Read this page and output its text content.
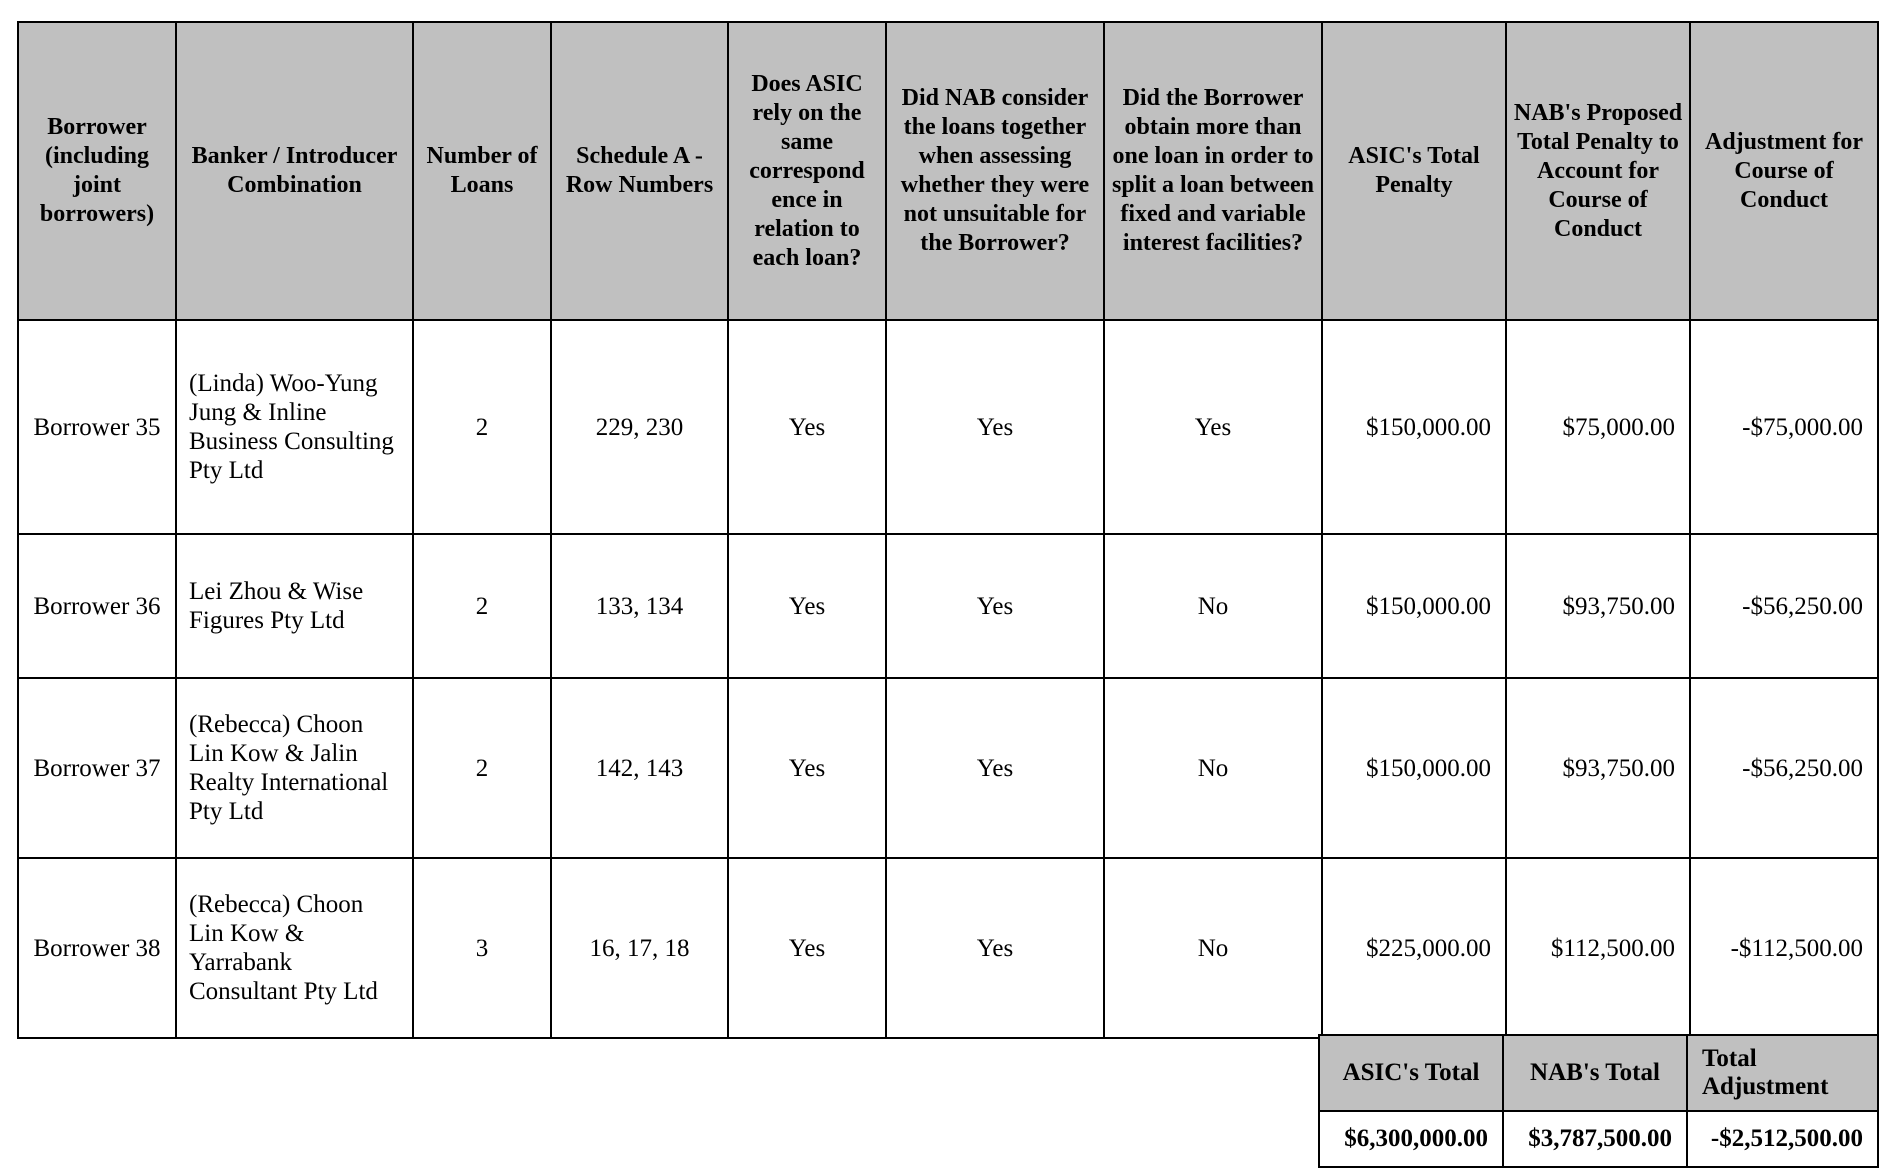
Borrower (including joint borrowers)	Banker / Introducer Combination	Number of Loans	Schedule A - Row Numbers	Does ASIC rely on the same correspond ence in relation to each loan?	Did NAB consider the loans together when assessing whether they were not unsuitable for the Borrower?	Did the Borrower obtain more than one loan in order to split a loan between fixed and variable interest facilities?	ASIC's Total Penalty	NAB's Proposed Total Penalty to Account for Course of Conduct	Adjustment for Course of Conduct
Borrower 35	(Linda) Woo-Yung Jung & Inline Business Consulting Pty Ltd	2	229, 230	Yes	Yes	Yes	$150,000.00	$75,000.00	-$75,000.00
Borrower 36	Lei Zhou & Wise Figures Pty Ltd	2	133, 134	Yes	Yes	No	$150,000.00	$93,750.00	-$56,250.00
Borrower 37	(Rebecca) Choon Lin Kow & Jalin Realty International Pty Ltd	2	142, 143	Yes	Yes	No	$150,000.00	$93,750.00	-$56,250.00
Borrower 38	(Rebecca) Choon Lin Kow & Yarrabank Consultant Pty Ltd	3	16, 17, 18	Yes	Yes	No	$225,000.00	$112,500.00	-$112,500.00
ASIC's Total	NAB's Total	Total Adjustment
$6,300,000.00	$3,787,500.00	-$2,512,500.00
